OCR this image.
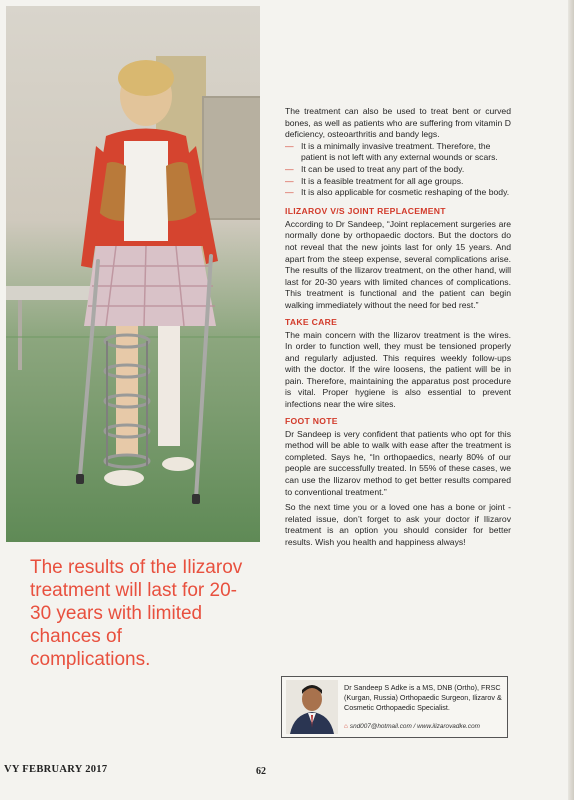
The results of the Ilizarov treatment will last for 20-30 years with limited chances of complications.

The treatment can also be used to treat bent or curved bones, as well as patients who are suffering from vitamin D deficiency, osteoarthritis and bandy legs.

— It is a minimally invasive treatment. Therefore, the patient is not left with any external wounds or scars.
— It can be used to treat any part of the body.
— It is a feasible treatment for all age groups.
— It is also applicable for cosmetic reshaping of the body.
ILIZAROV V/S JOINT REPLACEMENT

According to Dr Sandeep, “Joint replacement surgeries are normally done by orthopaedic doctors. But the doctors do not reveal that the new joints last for only 15 years. And apart from the steep expense, several complications arise. The results of the Ilizarov treatment, on the other hand, will last for 20-30 years with limited chances of complications. This treatment is functional and the patient can begin walking immediately without the need for bed rest.”

TAKE CARE

The main concern with the Ilizarov treatment is the wires. In order to function well, they must be tensioned properly and regularly adjusted. This requires weekly follow-ups with the doctor. If the wire loosens, the patient will be in pain. Therefore, maintaining the apparatus post procedure is vital. Proper hygiene is also essential to prevent infections near the wire sites.

FOOT NOTE

Dr Sandeep is very confident that patients who opt for this method will be able to walk with ease after the treatment is completed. Says he, “In orthopaedics, nearly 80% of our people are successfully treated. In 55% of these cases, we can use the Ilizarov method to get better results compared to conventional treatment.”

So the next time you or a loved one has a bone or joint -related issue, don’t forget to ask your doctor if Ilizarov treatment is an option you should consider for better results. Wish you health and happiness always!

Dr Sandeep S Adke is a MS, DNB (Ortho), FRSC (Kurgan, Russia) Orthopaedic Surgeon, Ilizarov & Cosmetic Orthopaedic Specialist.
⌂ snd007@hotmail.com / www.ilizarovadke.com
VY FEBRUARY 2017	62
